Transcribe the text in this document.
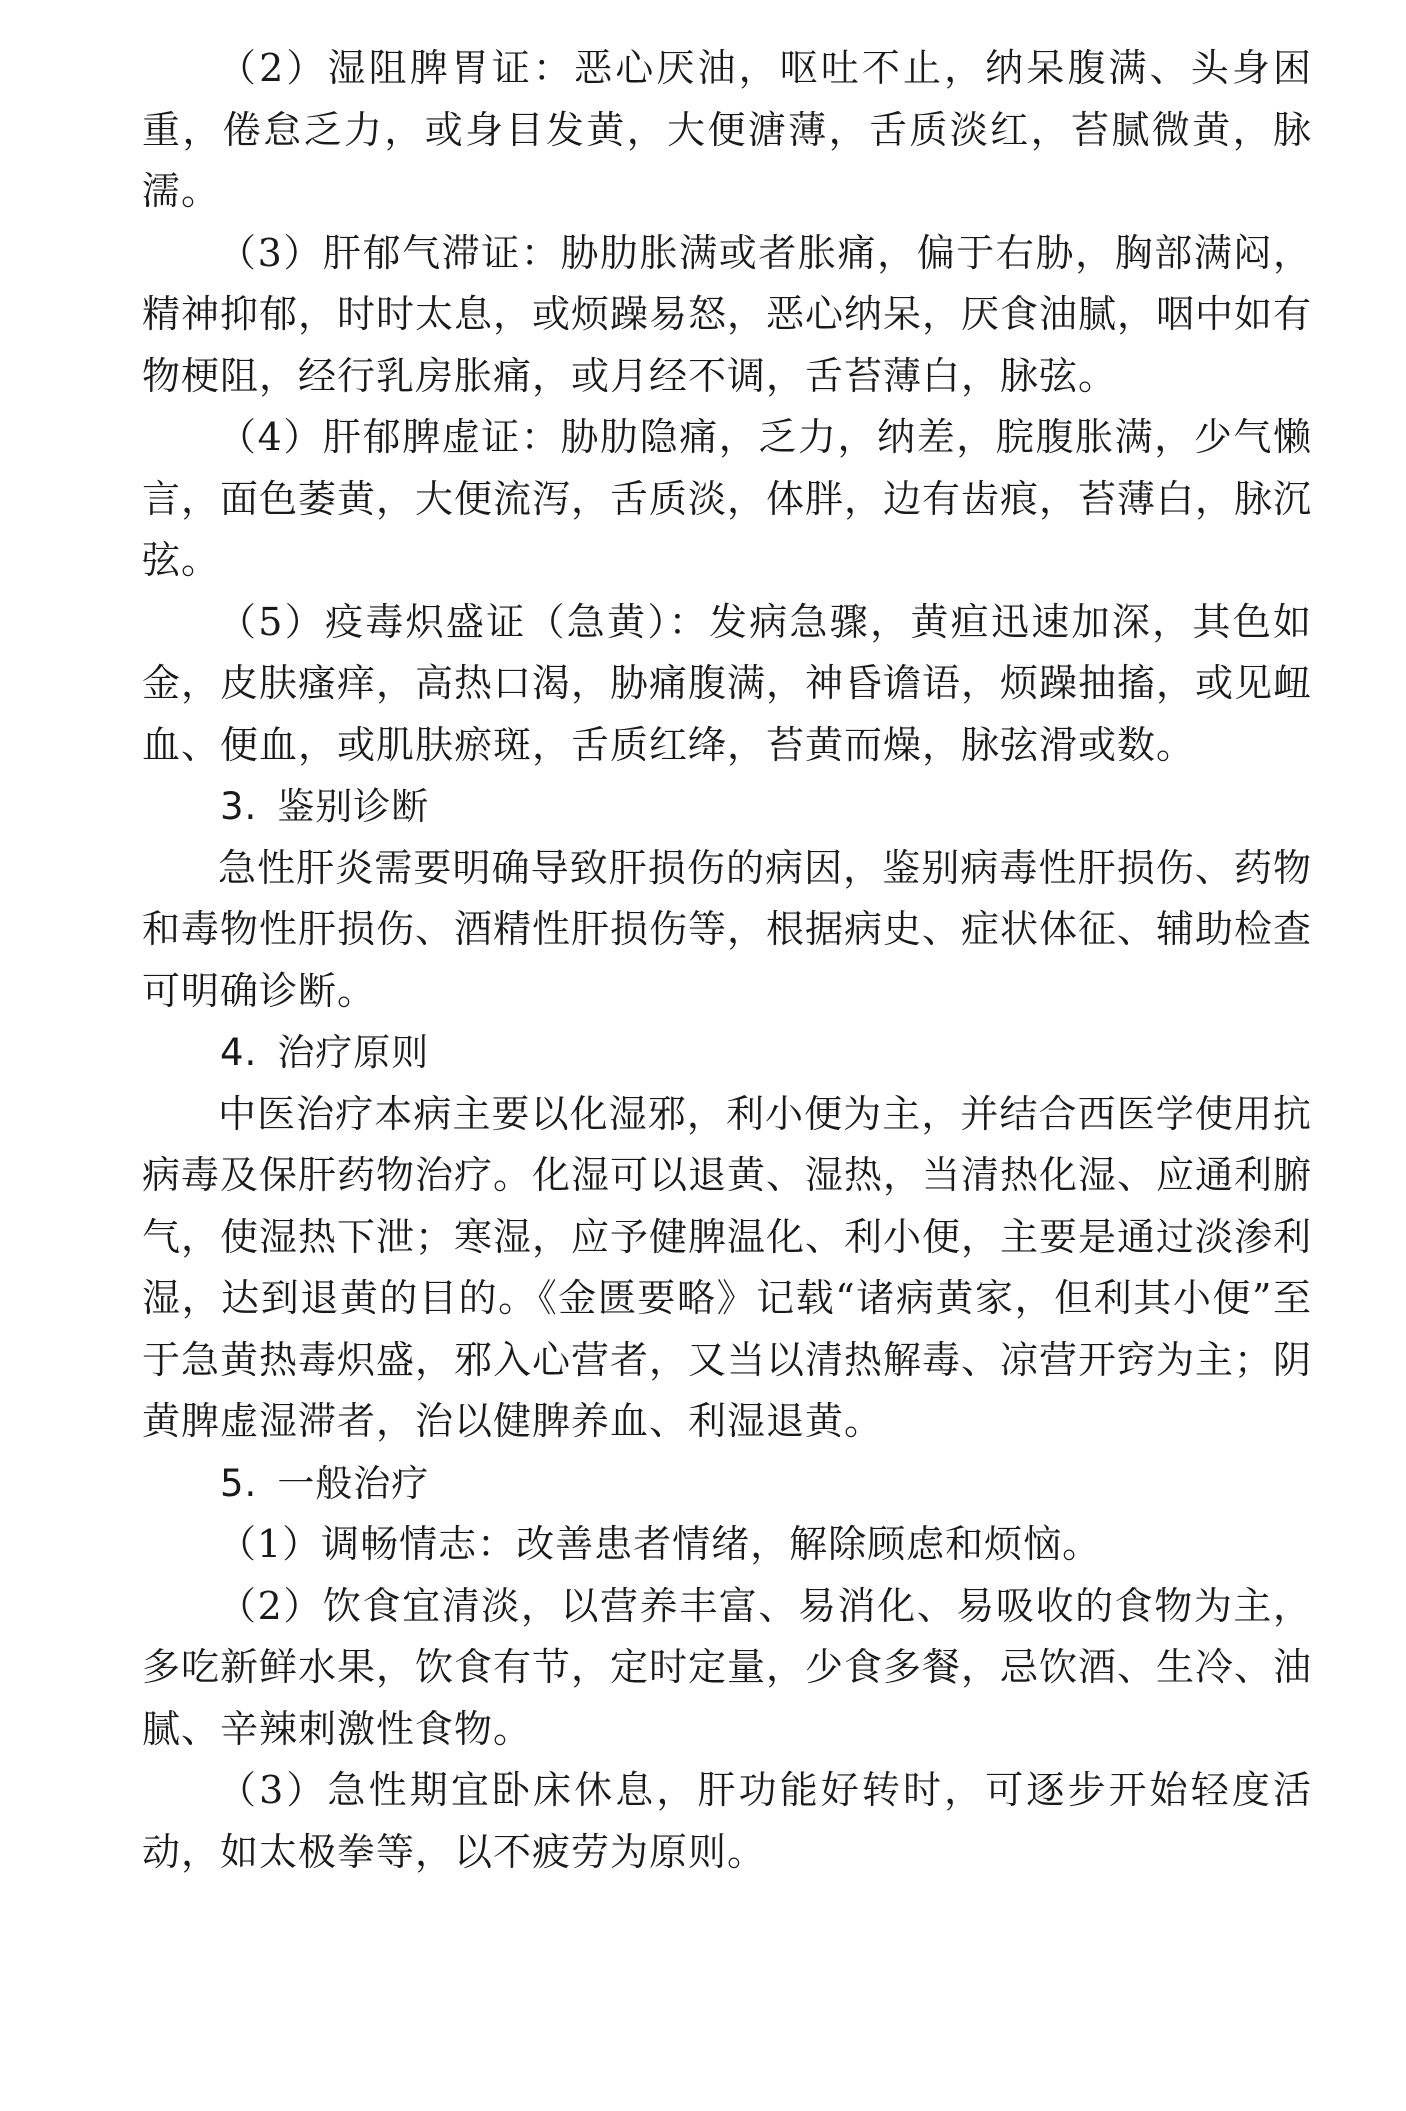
（2）湿阻脾胃证：恶心厌油，呕吐不止，纳呆腹满、头身困重，倦怠乏力，或身目发黄，大便溏薄，舌质淡红，苔腻微黄，脉濡。

（3）肝郁气滞证：胁肋胀满或者胀痛，偏于右胁，胸部满闷，精神抑郁，时时太息，或烦躁易怒，恶心纳呆，厌食油腻，咽中如有物梗阻，经行乳房胀痛，或月经不调，舌苔薄白，脉弦。

（4）肝郁脾虚证：胁肋隐痛，乏力，纳差，脘腹胀满，少气懒言，面色萎黄，大便流泻，舌质淡，体胖，边有齿痕，苔薄白，脉沉弦。

（5）疫毒炽盛证（急黄）：发病急骤，黄疸迅速加深，其色如金，皮肤瘙痒，高热口渴，胁痛腹满，神昏谵语，烦躁抽搐，或见衄血、便血，或肌肤瘀斑，舌质红绛，苔黄而燥，脉弦滑或数。

3. 鉴别诊断

急性肝炎需要明确导致肝损伤的病因，鉴别病毒性肝损伤、药物和毒物性肝损伤、酒精性肝损伤等，根据病史、症状体征、辅助检查可明确诊断。

4. 治疗原则

中医治疗本病主要以化湿邪，利小便为主，并结合西医学使用抗病毒及保肝药物治疗。化湿可以退黄、湿热，当清热化湿、应通利腑气，使湿热下泄；寒湿，应予健脾温化、利小便，主要是通过淡渗利湿，达到退黄的目的。《金匮要略》记载“诸病黄家，但利其小便”至于急黄热毒炽盛，邪入心营者，又当以清热解毒、凉营开窍为主；阴黄脾虚湿滞者，治以健脾养血、利湿退黄。

5. 一般治疗

（1）调畅情志：改善患者情绪，解除顾虑和烦恼。

（2）饮食宜清淡，以营养丰富、易消化、易吸收的食物为主，多吃新鲜水果，饮食有节，定时定量，少食多餐，忌饮酒、生冷、油腻、辛辣刺激性食物。

（3）急性期宜卧床休息，肝功能好转时，可逐步开始轻度活动，如太极拳等，以不疲劳为原则。
